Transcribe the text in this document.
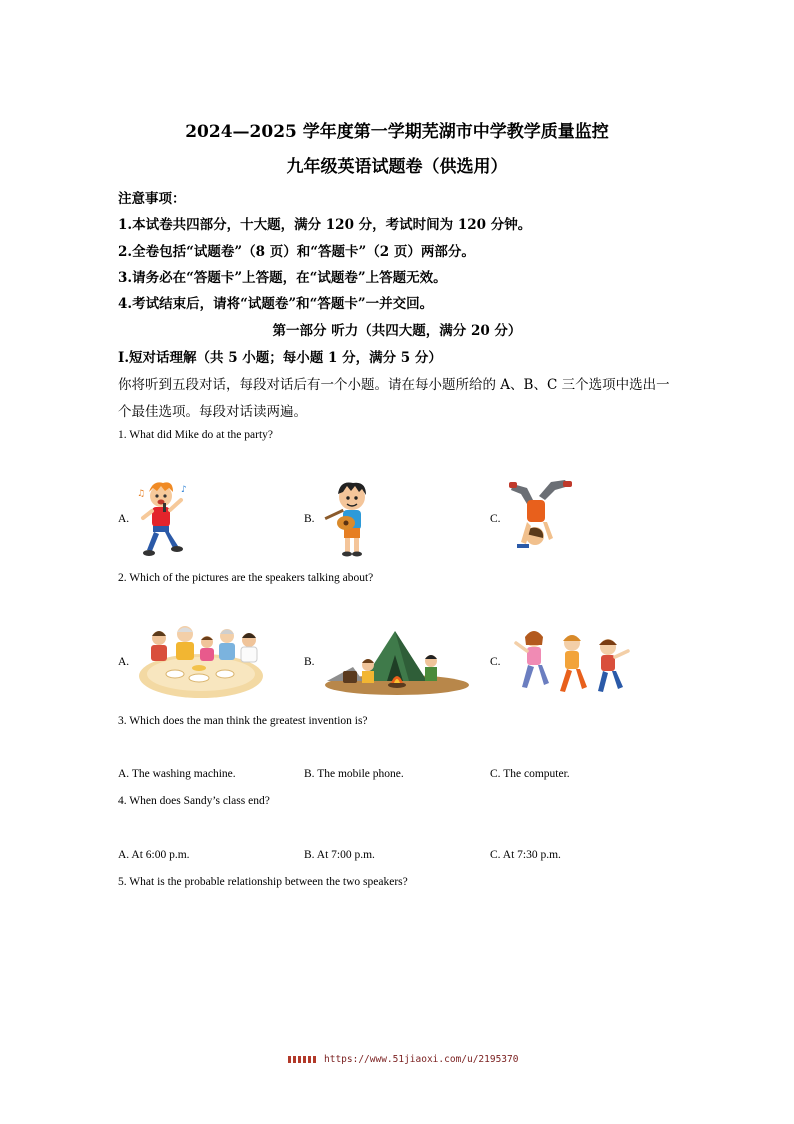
2024—2025 学年度第一学期芜湖市中学教学质量监控
九年级英语试题卷（供选用）
注意事项：
1.本试卷共四部分，十大题，满分 120 分，考试时间为 120 分钟。
2.全卷包括“试题卷”（8 页）和“答题卡”（2 页）两部分。
3.请务必在“答题卡”上答题，在“试题卷”上答题无效。
4.考试结束后，请将“试题卷”和“答题卡”一并交回。
第一部分 听力（共四大题，满分 20 分）
Ⅰ.短对话理解（共 5 小题；每小题 1 分，满分 5 分）
你将听到五段对话，每段对话后有一个小题。请在每小题所给的 A、B、C 三个选项中选出一
个最佳选项。每段对话读两遍。
1. What did Mike do at the party?
A.	B.	C.
♪
♫
2. Which of the pictures are the speakers talking about?
A.	B.	C.
3. Which does the man think the greatest invention is?
A. The washing machine.	B. The mobile phone.	C. The computer.
4. When does Sandy’s class end?
A. At 6:00 p.m.	B. At 7:00 p.m.	C. At 7:30 p.m.
5. What is the probable relationship between the two speakers?
https://www.51jiaoxi.com/u/2195370
